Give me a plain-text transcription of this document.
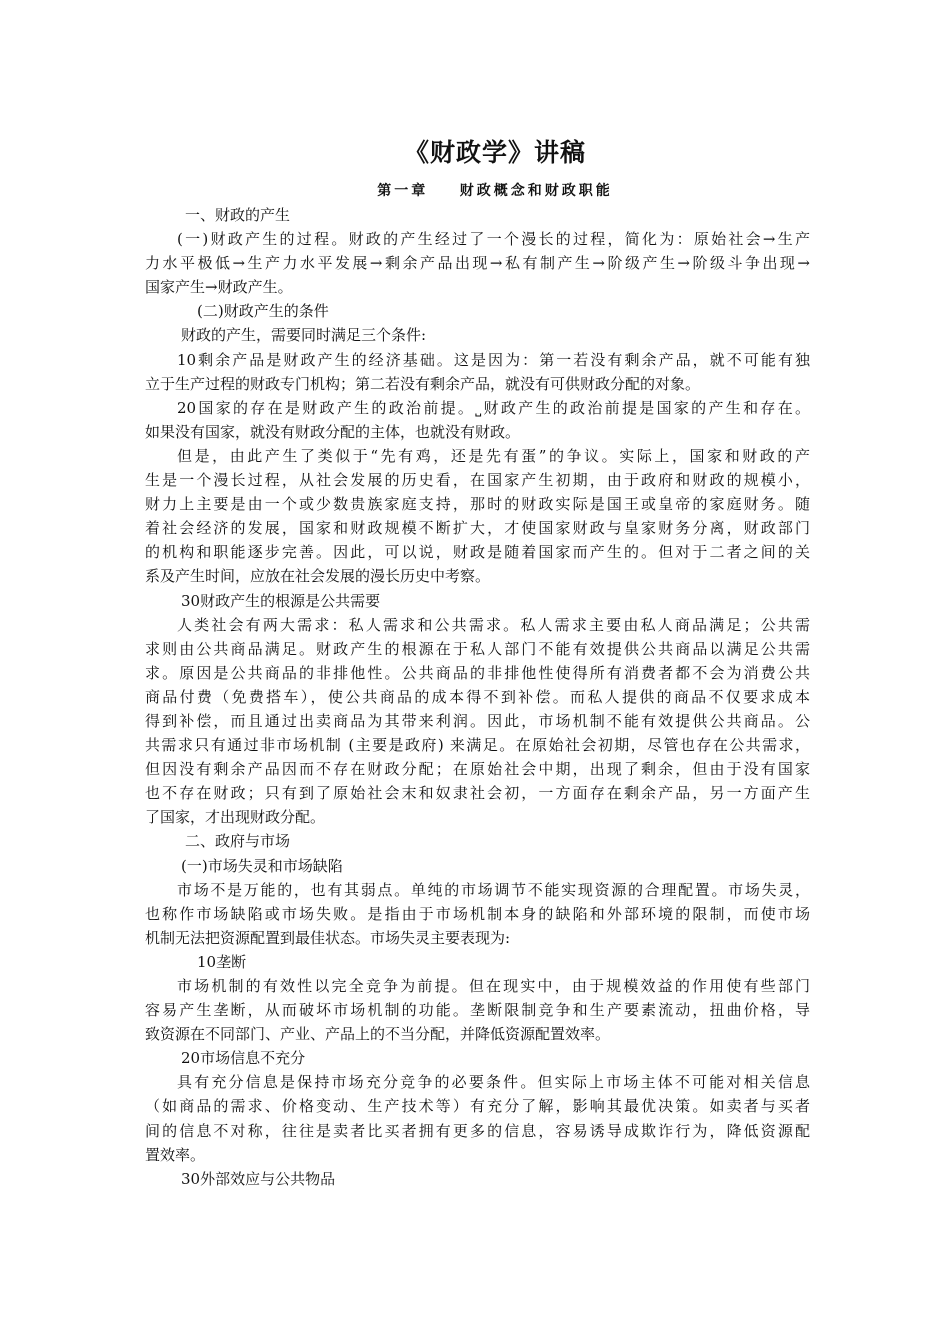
《财政学》讲稿
第一章    财政概念和财政职能
一、财政的产生
(一)财政产生的过程。财政的产生经过了一个漫长的过程，简化为：原始社会→生产
力水平极低→生产力水平发展→剩余产品出现→私有制产生→阶级产生→阶级斗争出现→
国家产生→财政产生。
(二)财政产生的条件
财政的产生，需要同时满足三个条件:
10剩余产品是财政产生的经济基础。这是因为：第一若没有剩余产品，就不可能有独
立于生产过程的财政专门机构；第二若没有剩余产品，就没有可供财政分配的对象。
20国家的存在是财政产生的政治前提。⎵财政产生的政治前提是国家的产生和存在。
如果没有国家，就没有财政分配的主体，也就没有财政。
但是，由此产生了类似于“先有鸡，还是先有蛋”的争议。实际上，国家和财政的产
生是一个漫长过程，从社会发展的历史看，在国家产生初期，由于政府和财政的规模小，
财力上主要是由一个或少数贵族家庭支持，那时的财政实际是国王或皇帝的家庭财务。随
着社会经济的发展，国家和财政规模不断扩大，才使国家财政与皇家财务分离，财政部门
的机构和职能逐步完善。因此，可以说，财政是随着国家而产生的。但对于二者之间的关
系及产生时间，应放在社会发展的漫长历史中考察。
30财政产生的根源是公共需要
人类社会有两大需求：私人需求和公共需求。私人需求主要由私人商品满足；公共需
求则由公共商品满足。财政产生的根源在于私人部门不能有效提供公共商品以满足公共需
求。原因是公共商品的非排他性。公共商品的非排他性使得所有消费者都不会为消费公共
商品付费（免费搭车），使公共商品的成本得不到补偿。而私人提供的商品不仅要求成本
得到补偿，而且通过出卖商品为其带来利润。因此，市场机制不能有效提供公共商品。公
共需求只有通过非市场机制 (主要是政府) 来满足。在原始社会初期，尽管也存在公共需求，
但因没有剩余产品因而不存在财政分配；在原始社会中期，出现了剩余，但由于没有国家
也不存在财政；只有到了原始社会末和奴隶社会初，一方面存在剩余产品，另一方面产生
了国家，才出现财政分配。
二、政府与市场
(一)市场失灵和市场缺陷
市场不是万能的，也有其弱点。单纯的市场调节不能实现资源的合理配置。市场失灵，
也称作市场缺陷或市场失败。是指由于市场机制本身的缺陷和外部环境的限制，而使市场
机制无法把资源配置到最佳状态。市场失灵主要表现为:
10垄断
市场机制的有效性以完全竞争为前提。但在现实中，由于规模效益的作用使有些部门
容易产生垄断，从而破坏市场机制的功能。垄断限制竞争和生产要素流动，扭曲价格，导
致资源在不同部门、产业、产品上的不当分配，并降低资源配置效率。
20市场信息不充分
具有充分信息是保持市场充分竞争的必要条件。但实际上市场主体不可能对相关信息
（如商品的需求、价格变动、生产技术等）有充分了解，影响其最优决策。如卖者与买者
间的信息不对称，往往是卖者比买者拥有更多的信息，容易诱导成欺诈行为，降低资源配
置效率。
30外部效应与公共物品
